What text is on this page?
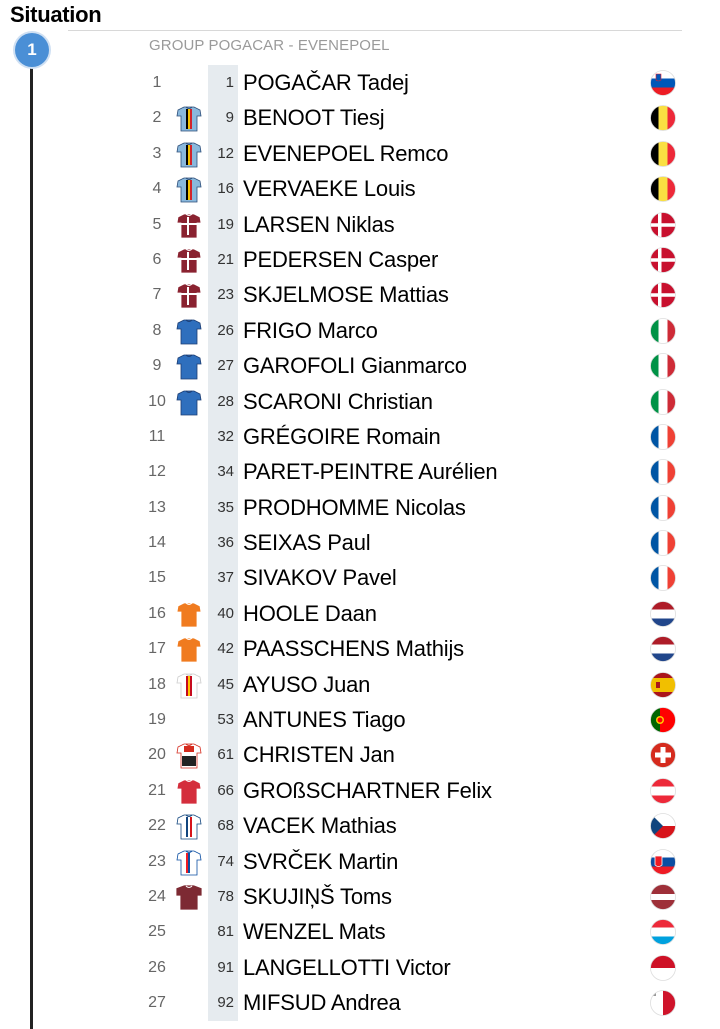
Situation
1	GROUP POGACAR - EVENEPOEL
1	1 POGAČAR Tadej
2	9 BENOOT Tiesj
3	12 EVENEPOEL Remco
4	16 VERVAEKE Louis
5	19 LARSEN Niklas
6	21 PEDERSEN Casper
7	23 SKJELMOSE Mattias
8	26 FRIGO Marco
9	27 GAROFOLI Gianmarco
10	28 SCARONI Christian
11	32 GRÉGOIRE Romain
12	34 PARET-PEINTRE Aurélien
13	35 PRODHOMME Nicolas
14	36 SEIXAS Paul
15	37 SIVAKOV Pavel
16	40 HOOLE Daan
17	42 PAASSCHENS Mathijs
18	45 AYUSO Juan
19	53 ANTUNES Tiago
20	61 CHRISTEN Jan
21	66 GROßSCHARTNER Felix
22	68 VACEK Mathias
23	74 SVRČEK Martin
24	78 SKUJIŅŠ Toms
25	81 WENZEL Mats
26	91 LANGELLOTTI Victor
27	92 MIFSUD Andrea
